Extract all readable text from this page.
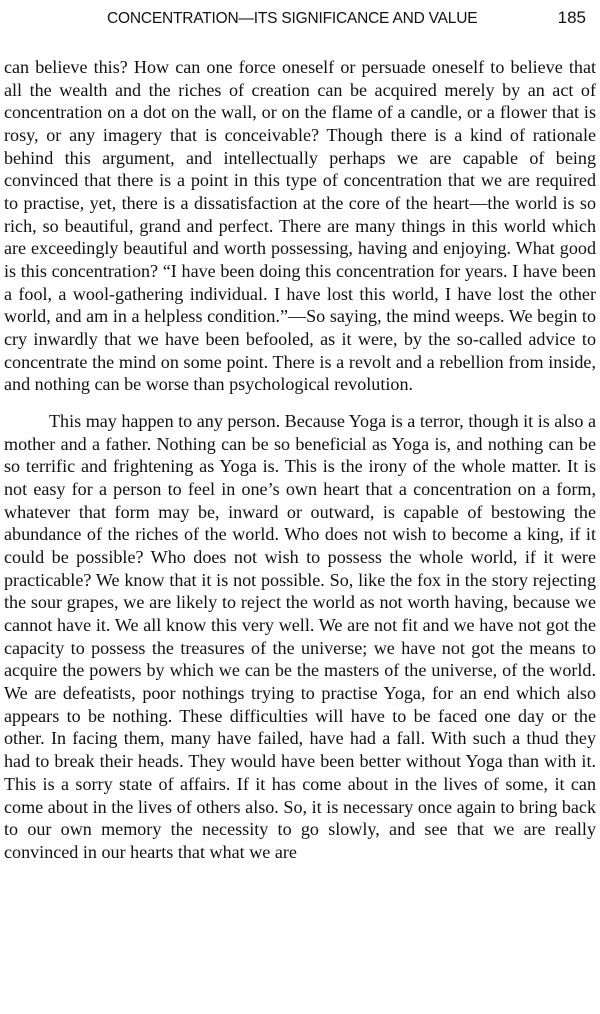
CONCENTRATION—ITS SIGNIFICANCE AND VALUE	185

can believe this? How can one force oneself or persuade oneself to believe that all the wealth and the riches of creation can be acquired merely by an act of concentration on a dot on the wall, or on the flame of a candle, or a flower that is rosy, or any imagery that is conceivable? Though there is a kind of rationale behind this argument, and intellectually perhaps we are capable of being convinced that there is a point in this type of concentration that we are required to practise, yet, there is a dissatisfaction at the core of the heart—the world is so rich, so beautiful, grand and perfect. There are many things in this world which are exceedingly beautiful and worth possessing, having and enjoying. What good is this concentration? “I have been doing this concentration for years. I have been a fool, a wool-gathering individual. I have lost this world, I have lost the other world, and am in a helpless condition.”—So saying, the mind weeps. We begin to cry inwardly that we have been befooled, as it were, by the so-called advice to concentrate the mind on some point. There is a revolt and a rebellion from inside, and nothing can be worse than psychological revolution.

This may happen to any person. Because Yoga is a terror, though it is also a mother and a father. Nothing can be so beneficial as Yoga is, and nothing can be so terrific and frightening as Yoga is. This is the irony of the whole matter. It is not easy for a person to feel in one’s own heart that a concentration on a form, whatever that form may be, inward or outward, is capable of bestowing the abundance of the riches of the world. Who does not wish to become a king, if it could be possible? Who does not wish to possess the whole world, if it were practicable? We know that it is not possible. So, like the fox in the story rejecting the sour grapes, we are likely to reject the world as not worth having, because we cannot have it. We all know this very well. We are not fit and we have not got the capacity to possess the treasures of the universe; we have not got the means to acquire the powers by which we can be the masters of the universe, of the world. We are defeatists, poor nothings trying to practise Yoga, for an end which also appears to be nothing. These difficulties will have to be faced one day or the other. In facing them, many have failed, have had a fall. With such a thud they had to break their heads. They would have been better without Yoga than with it. This is a sorry state of affairs. If it has come about in the lives of some, it can come about in the lives of others also. So, it is necessary once again to bring back to our own memory the necessity to go slowly, and see that we are really convinced in our hearts that what we are
